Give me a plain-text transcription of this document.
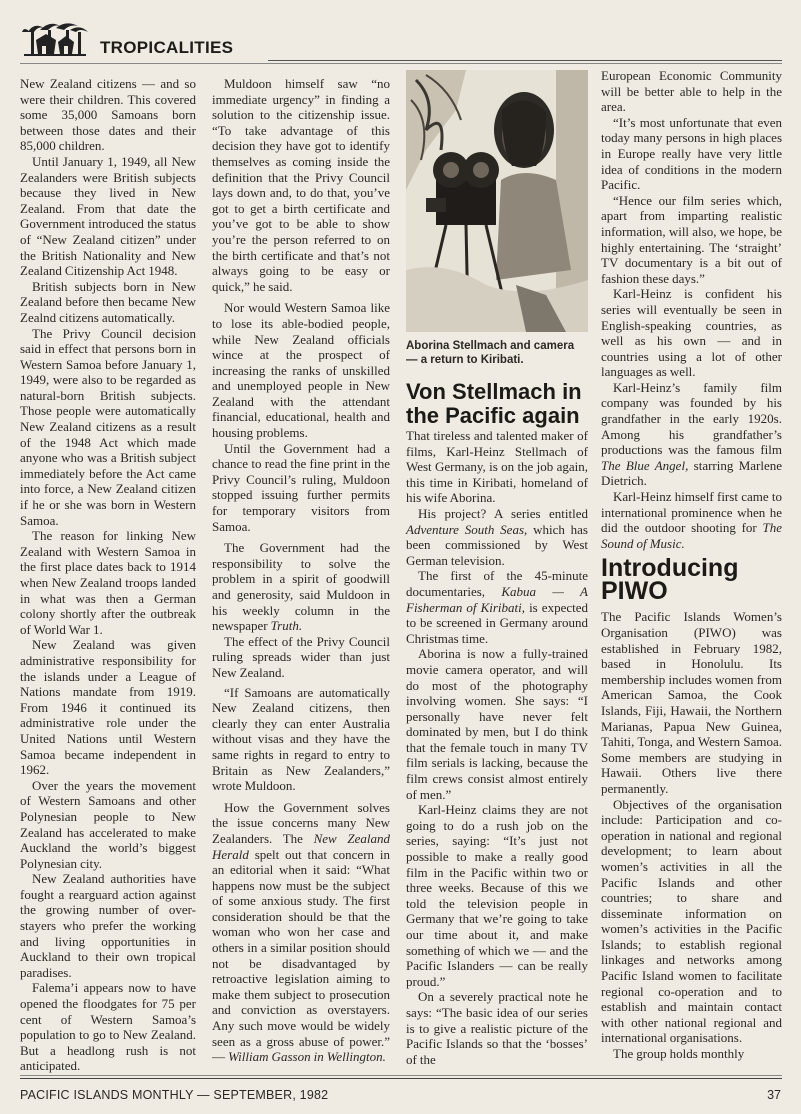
TROPICALITIES

New Zealand citizens — and so were their children. This covered some 35,000 Samoans born between those dates and their 85,000 children.

Until January 1, 1949, all New Zealanders were British subjects because they lived in New Zealand. From that date the Government introduced the status of “New Zealand citizen” under the British Nationality and New Zealand Citizenship Act 1948.

British subjects born in New Zealand before then became New Zealnd citizens automatically.

The Privy Council decision said in effect that persons born in Western Samoa before January 1, 1949, were also to be regarded as natural-born British subjects. Those people were automatically New Zealand citizens as a result of the 1948 Act which made anyone who was a British subject immediately before the Act came into force, a New Zealand citizen if he or she was born in Western Samoa.

The reason for linking New Zealand with Western Samoa in the first place dates back to 1914 when New Zealand troops landed in what was then a German colony shortly after the outbreak of World War 1.

New Zealand was given administrative responsibility for the islands under a League of Nations mandate from 1919. From 1946 it continued its administrative role under the United Nations until Western Samoa became independent in 1962.

Over the years the movement of Western Samoans and other Polynesian people to New Zealand has accelerated to make Auckland the world’s biggest Polynesian city.

New Zealand authorities have fought a rearguard action against the growing number of over-stayers who prefer the working and living opportunities in Auckland to their own tropical paradises.

Falema’i appears now to have opened the floodgates for 75 per cent of Western Samoa’s population to go to New Zealand. But a headlong rush is not anticipated.

Muldoon himself saw “no immediate urgency” in finding a solution to the citizenship issue. “To take advantage of this decision they have got to identify themselves as coming inside the definition that the Privy Council lays down and, to do that, you’ve got to get a birth certificate and you’ve got to be able to show you’re the person referred to on the birth certificate and that’s not always going to be easy or quick,” he said.

Nor would Western Samoa like to lose its able-bodied people, while New Zealand officials wince at the prospect of increasing the ranks of unskilled and unemployed people in New Zealand with the attendant financial, educational, health and housing problems.

Until the Government had a chance to read the fine print in the Privy Council’s ruling, Muldoon stopped issuing further permits for temporary visitors from Samoa.

The Government had the responsibility to solve the problem in a spirit of goodwill and generosity, said Muldoon in his weekly column in the newspaper Truth.

The effect of the Privy Council ruling spreads wider than just New Zealand.

“If Samoans are automatically New Zealand citizens, then clearly they can enter Australia without visas and they have the same rights in regard to entry to Britain as New Zealanders,” wrote Muldoon.

How the Government solves the issue concerns many New Zealanders. The New Zealand Herald spelt out that concern in an editorial when it said: “What happens now must be the subject of some anxious study. The first consideration should be that the woman who won her case and others in a similar position should not be disadvantaged by retroactive legislation aiming to make them subject to prosecution and conviction as overstayers. Any such move would be widely seen as a gross abuse of power.” — William Gasson in Wellington.

Aborina Stellmach and camera — a return to Kiribati.
Von Stellmach in the Pacific again

That tireless and talented maker of films, Karl-Heinz Stellmach of West Germany, is on the job again, this time in Kiribati, homeland of his wife Aborina.

His project? A series entitled Adventure South Seas, which has been commissioned by West German television.

The first of the 45-minute documentaries, Kabua — A Fisherman of Kiribati, is expected to be screened in Germany around Christmas time.

Aborina is now a fully-trained movie camera operator, and will do most of the photography involving women. She says: “I personally have never felt dominated by men, but I do think that the female touch in many TV film serials is lacking, because the film crews consist almost entirely of men.”

Karl-Heinz claims they are not going to do a rush job on the series, saying: “It’s just not possible to make a really good film in the Pacific within two or three weeks. Because of this we told the television people in Germany that we’re going to take our time about it, and make something of which we — and the Pacific Islanders — can be really proud.”

On a severely practical note he says: “The basic idea of our series is to give a realistic picture of the Pacific Islands so that the ‘bosses’ of the

European Economic Community will be better able to help in the area.

“It’s most unfortunate that even today many persons in high places in Europe really have very little idea of conditions in the modern Pacific.

“Hence our film series which, apart from imparting realistic information, will also, we hope, be highly entertaining. The ‘straight’ TV documentary is a bit out of fashion these days.”

Karl-Heinz is confident his series will eventually be seen in English-speaking countries, as well as his own — and in countries using a lot of other languages as well.

Karl-Heinz’s family film company was founded by his grandfather in the early 1920s. Among his grandfather’s productions was the famous film The Blue Angel, starring Marlene Dietrich.

Karl-Heinz himself first came to international prominence when he did the outdoor shooting for The Sound of Music.

Introducing PIWO

The Pacific Islands Women’s Organisation (PIWO) was established in February 1982, based in Honolulu. Its membership includes women from American Samoa, the Cook Islands, Fiji, Hawaii, the Northern Marianas, Papua New Guinea, Tahiti, Tonga, and Western Samoa. Some members are studying in Hawaii. Others live there permanently.

Objectives of the organisation include: Participation and co-operation in national and regional development; to learn about women’s activities in all the Pacific Islands and other countries; to share and disseminate information on women’s activities in the Pacific Islands; to establish regional linkages and networks among Pacific Island women to facilitate regional co-operation and to establish and maintain contact with other national regional and international organisations.

The group holds monthly

PACIFIC ISLANDS MONTHLY — SEPTEMBER, 1982	37
